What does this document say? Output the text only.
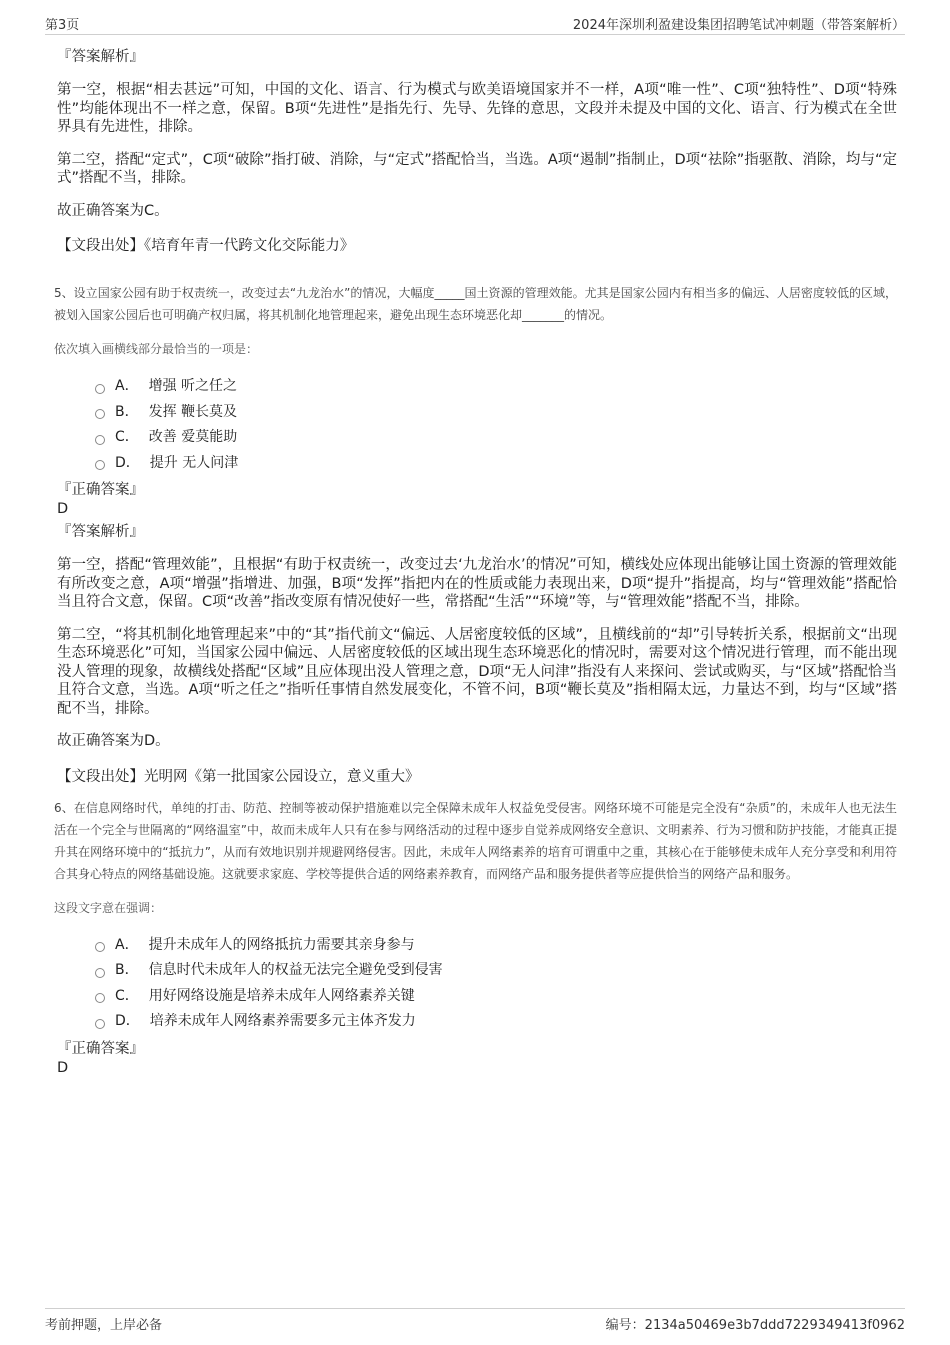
第3页	2024年深圳利盈建设集团招聘笔试冲刺题（带答案解析）

『答案解析』

第一空，根据“相去甚远”可知，中国的文化、语言、行为模式与欧美语境国家并不一样，A项“唯一性”、C项“独特性”、D项“特殊性”均能体现出不一样之意，保留。B项“先进性”是指先行、先导、先锋的意思，文段并未提及中国的文化、语言、行为模式在全世界具有先进性，排除。

第二空，搭配“定式”，C项“破除”指打破、消除，与“定式”搭配恰当，当选。A项“遏制”指制止，D项“祛除”指驱散、消除，均与“定式”搭配不当，排除。

故正确答案为C。

【文段出处】《培育年青一代跨文化交际能力》

5、设立国家公园有助于权责统一，改变过去“九龙治水”的情况，大幅度_____国土资源的管理效能。尤其是国家公园内有相当多的偏远、人居密度较低的区域，被划入国家公园后也可明确产权归属，将其机制化地管理起来，避免出现生态环境恶化却_______的情况。

依次填入画横线部分最恰当的一项是：

A． 增强 听之任之
B． 发挥 鞭长莫及
C． 改善 爱莫能助
D． 提升 无人问津

『正确答案』

D

『答案解析』

第一空，搭配“管理效能”，且根据“有助于权责统一，改变过去‘九龙治水’的情况”可知，横线处应体现出能够让国土资源的管理效能有所改变之意，A项“增强”指增进、加强，B项“发挥”指把内在的性质或能力表现出来，D项“提升”指提高，均与“管理效能”搭配恰当且符合文意，保留。C项“改善”指改变原有情况使好一些，常搭配“生活”“环境”等，与“管理效能”搭配不当，排除。

第二空，“将其机制化地管理起来”中的“其”指代前文“偏远、人居密度较低的区域”，且横线前的“却”引导转折关系，根据前文“出现生态环境恶化”可知，当国家公园中偏远、人居密度较低的区域出现生态环境恶化的情况时，需要对这个情况进行管理，而不能出现没人管理的现象，故横线处搭配“区域”且应体现出没人管理之意，D项“无人问津”指没有人来探问、尝试或购买，与“区域”搭配恰当且符合文意，当选。A项“听之任之”指听任事情自然发展变化，不管不问，B项“鞭长莫及”指相隔太远，力量达不到，均与“区域”搭配不当，排除。

故正确答案为D。

【文段出处】光明网《第一批国家公园设立，意义重大》

6、在信息网络时代，单纯的打击、防范、控制等被动保护措施难以完全保障未成年人权益免受侵害。网络环境不可能是完全没有“杂质”的，未成年人也无法生活在一个完全与世隔离的“网络温室”中，故而未成年人只有在参与网络活动的过程中逐步自觉养成网络安全意识、文明素养、行为习惯和防护技能，才能真正提升其在网络环境中的“抵抗力”，从而有效地识别并规避网络侵害。因此，未成年人网络素养的培育可谓重中之重，其核心在于能够使未成年人充分享受和利用符合其身心特点的网络基础设施。这就要求家庭、学校等提供合适的网络素养教育，而网络产品和服务提供者等应提供恰当的网络产品和服务。

这段文字意在强调：

A． 提升未成年人的网络抵抗力需要其亲身参与
B． 信息时代未成年人的权益无法完全避免受到侵害
C． 用好网络设施是培养未成年人网络素养关键
D． 培养未成年人网络素养需要多元主体齐发力

『正确答案』

D

考前押题，上岸必备	编号：2134a50469e3b7ddd7229349413f0962
